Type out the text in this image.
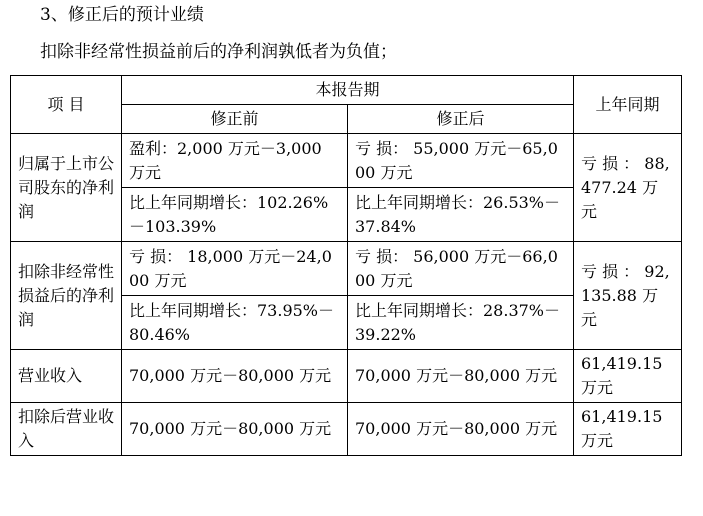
3、修正后的预计业绩
扣除非经常性损益前后的净利润孰低者为负值；
项 目	本报告期		上年同期
	修正前	修正后	
归属于上市公司股东的净利润	盈利：2,000 万元－3,000 万元	亏 损： 55,000 万元－65,000 万元	亏 损 ： 88,477.24 万元
	比上年同期增长：102.26%－103.39%	比上年同期增长：26.53%－37.84%	
扣除非经常性损益后的净利润	亏 损： 18,000 万元－24,000 万元	亏 损： 56,000 万元－66,000 万元	亏 损 ： 92,135.88 万元
	比上年同期增长：73.95%－80.46%	比上年同期增长：28.37%－39.22%	
营业收入	70,000 万元－80,000 万元	70,000 万元－80,000 万元	61,419.15 万元
扣除后营业收入	70,000 万元－80,000 万元	70,000 万元－80,000 万元	61,419.15 万元
